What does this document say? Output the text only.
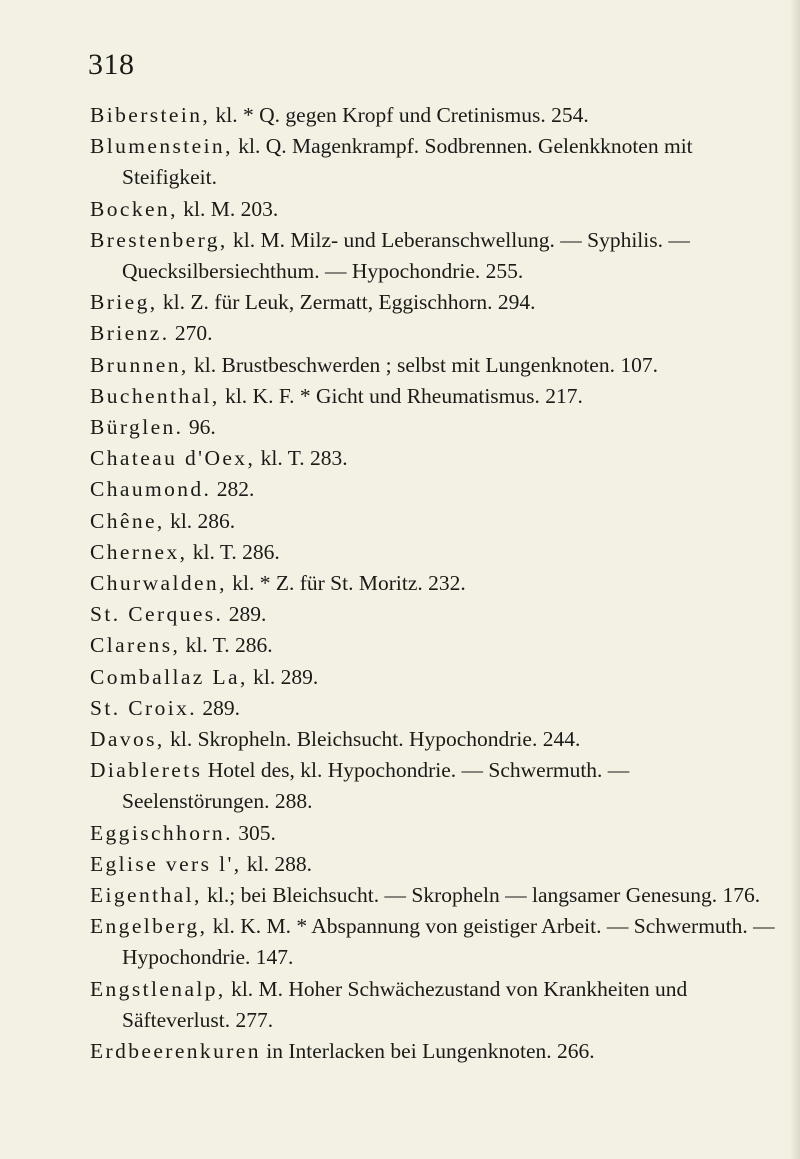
318
Biberstein, kl. * Q. gegen Kropf und Cretinismus. 254.
Blumenstein, kl. Q. Magenkrampf. Sodbrennen. Gelenkknoten mit Steifigkeit.
Bocken, kl. M. 203.
Brestenberg, kl. M. Milz- und Leberanschwellung. — Syphilis. — Quecksilbersiechthum. — Hypochondrie. 255.
Brieg, kl. Z. für Leuk, Zermatt, Eggischhorn. 294.
Brienz. 270.
Brunnen, kl. Brustbeschwerden ; selbst mit Lungenknoten. 107.
Buchenthal, kl. K. F. * Gicht und Rheumatismus. 217.
Bürglen. 96.
Chateau d'Oex, kl. T. 283.
Chaumond. 282.
Chêne, kl. 286.
Chernex, kl. T. 286.
Churwalden, kl. * Z. für St. Moritz. 232.
St. Cerques. 289.
Clarens, kl. T. 286.
Comballaz La, kl. 289.
St. Croix. 289.
Davos, kl. Skropheln. Bleichsucht. Hypochondrie. 244.
Diablerets Hotel des, kl. Hypochondrie. — Schwermuth. — Seelenstörungen. 288.
Eggischhorn. 305.
Eglise vers l', kl. 288.
Eigenthal, kl.; bei Bleichsucht. — Skropheln — langsamer Genesung. 176.
Engelberg, kl. K. M. * Abspannung von geistiger Arbeit. — Schwermuth. — Hypochondrie. 147.
Engstlenalp, kl. M. Hoher Schwächezustand von Krankheiten und Säfteverlust. 277.
Erdbeerenkuren in Interlacken bei Lungenknoten. 266.
